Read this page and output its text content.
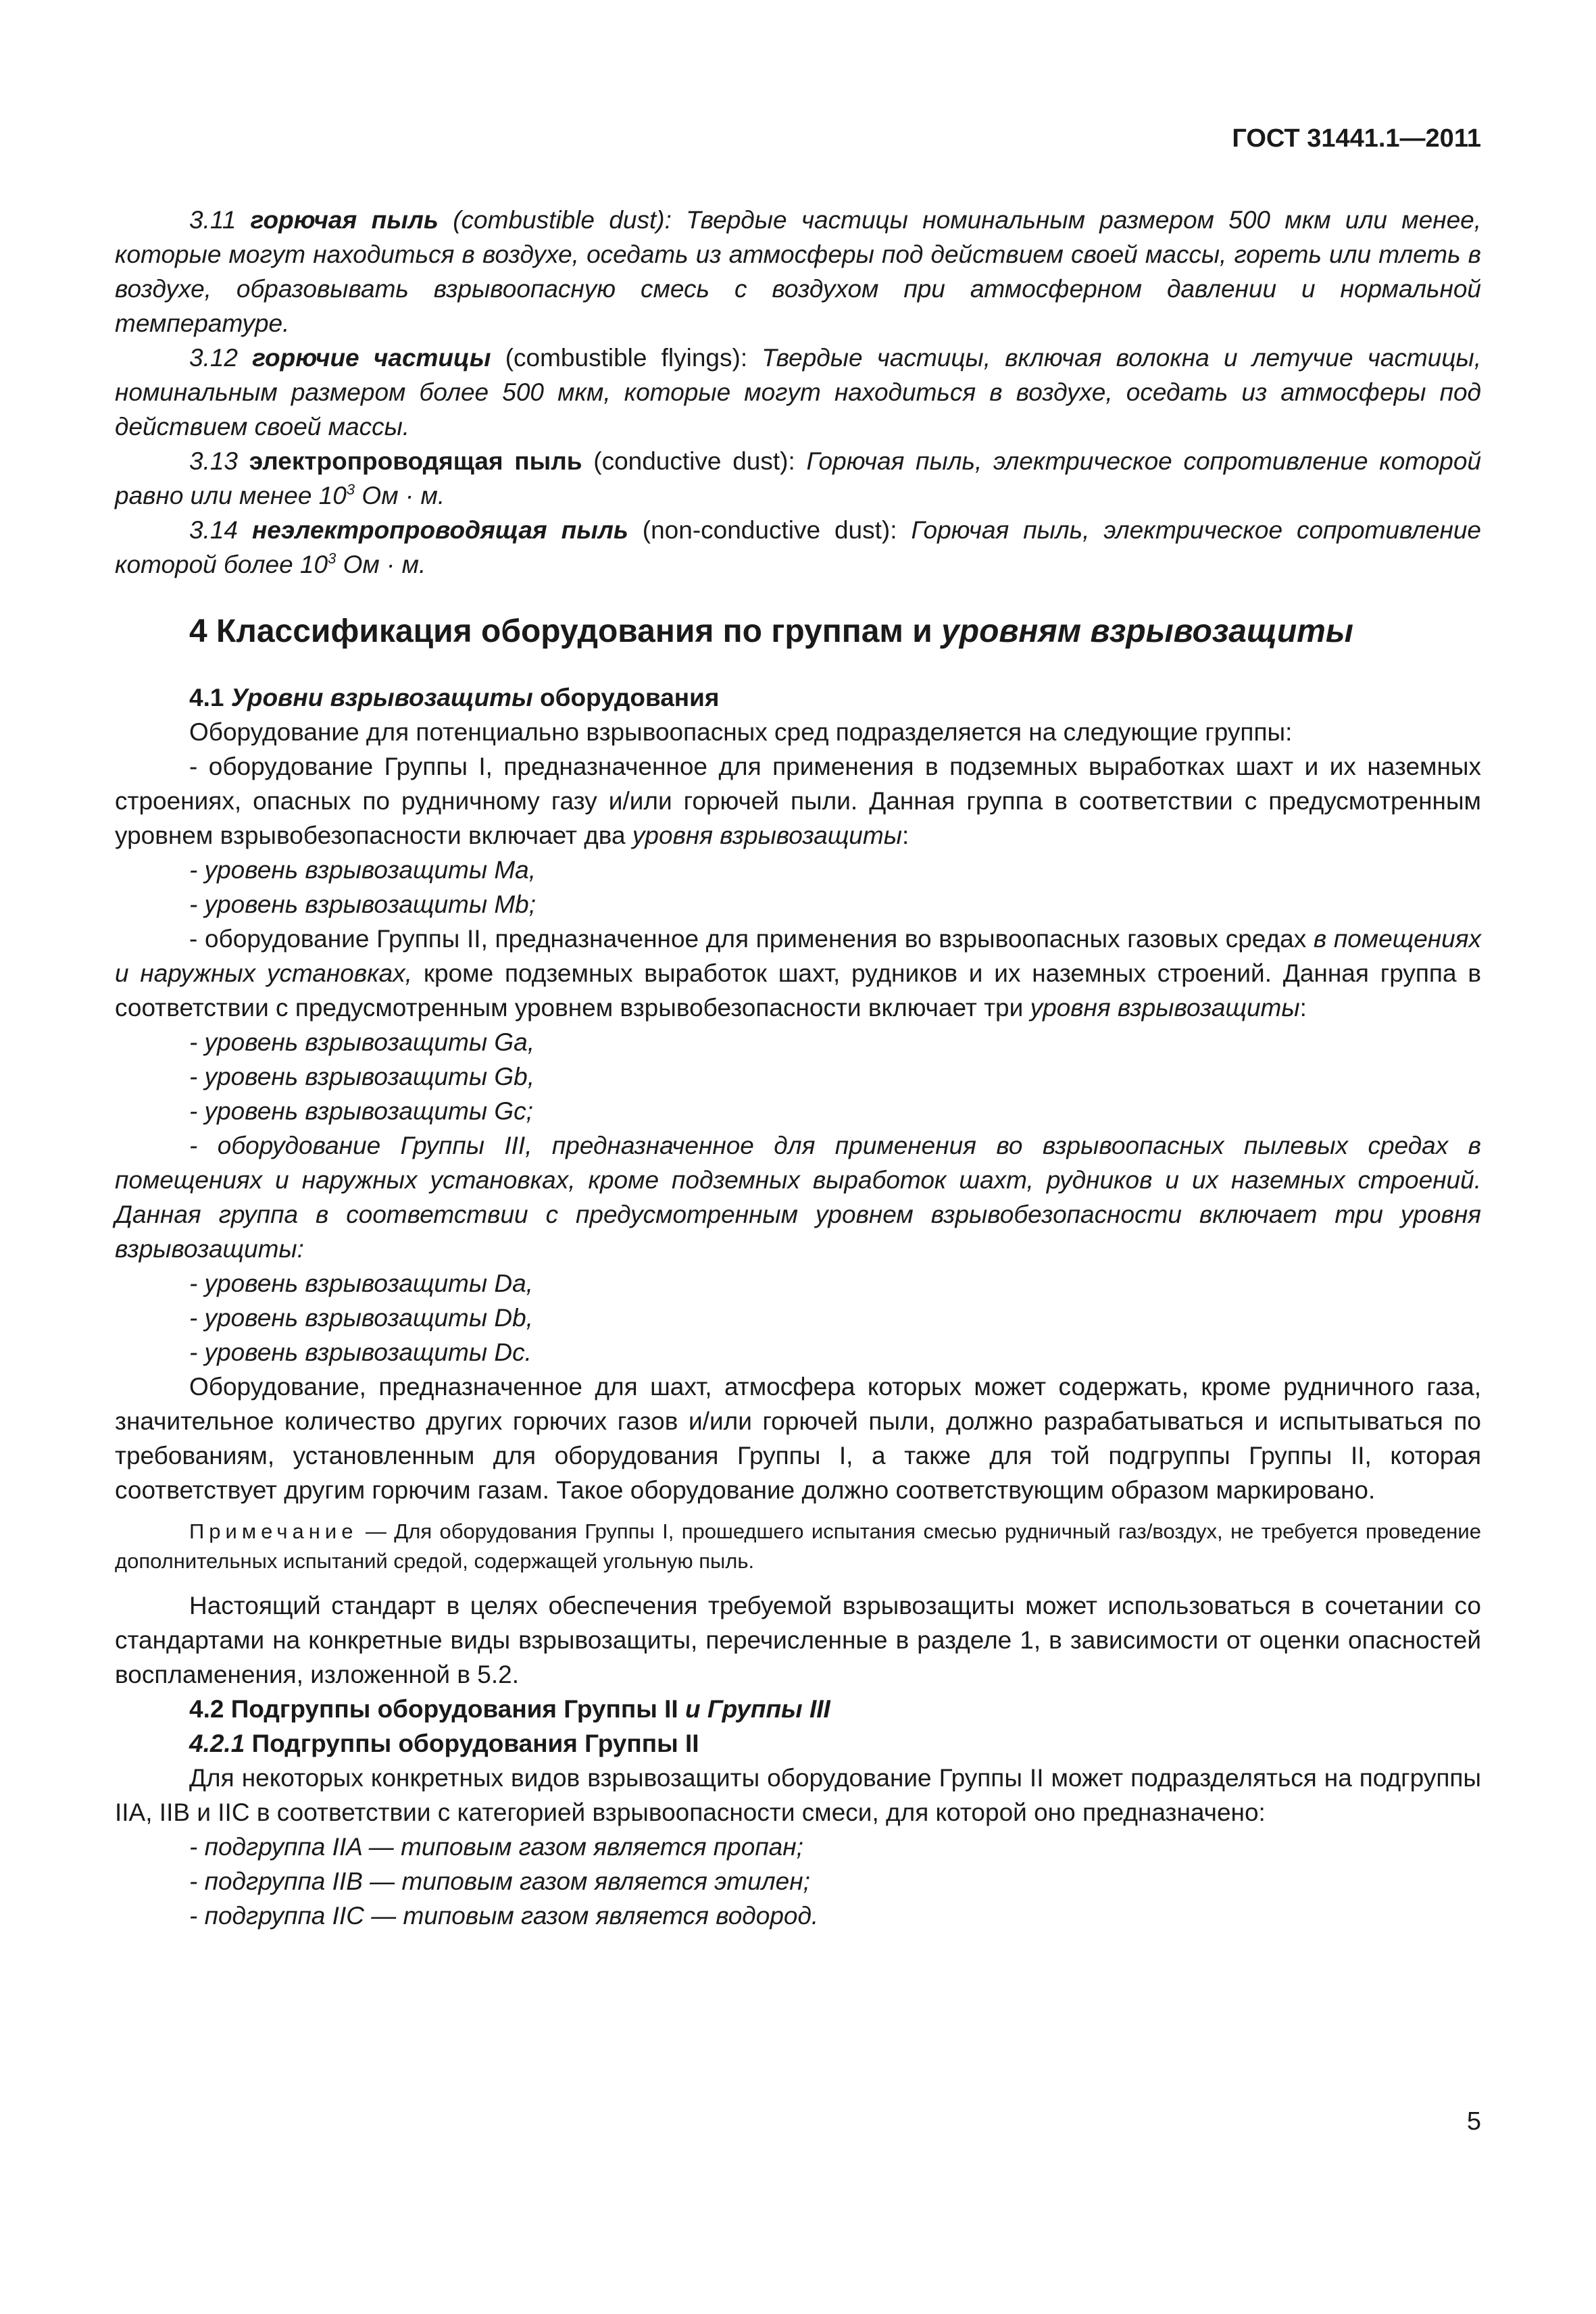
ГОСТ 31441.1—2011

3.11 горючая пыль (combustible dust): Твердые частицы номинальным размером 500 мкм или менее, которые могут находиться в воздухе, оседать из атмосферы под действием своей массы, гореть или тлеть в воздухе, образовывать взрывоопасную смесь с воздухом при атмосферном давлении и нормальной температуре.

3.12 горючие частицы (combustible flyings): Твердые частицы, включая волокна и летучие частицы, номинальным размером более 500 мкм, которые могут находиться в воздухе, оседать из атмосферы под действием своей массы.

3.13 электропроводящая пыль (conductive dust): Горючая пыль, электрическое сопротивление которой равно или менее $10^3$ Ом · м.

3.14 неэлектропроводящая пыль (non-conductive dust): Горючая пыль, электрическое сопротивление которой более $10^3$ Ом · м.

4 Классификация оборудования по группам и уровням взрывозащиты

4.1 Уровни взрывозащиты оборудования

Оборудование для потенциально взрывоопасных сред подразделяется на следующие группы:

- оборудование Группы I, предназначенное для применения в подземных выработках шахт и их наземных строениях, опасных по рудничному газу и/или горючей пыли. Данная группа в соответствии с предусмотренным уровнем взрывобезопасности включает два уровня взрывозащиты:

- уровень взрывозащиты Ma,

- уровень взрывозащиты Mb;

- оборудование Группы II, предназначенное для применения во взрывоопасных газовых средах в помещениях и наружных установках, кроме подземных выработок шахт, рудников и их наземных строений. Данная группа в соответствии с предусмотренным уровнем взрывобезопасности включает три уровня взрывозащиты:

- уровень взрывозащиты Ga,

- уровень взрывозащиты Gb,

- уровень взрывозащиты Gc;

- оборудование Группы III, предназначенное для применения во взрывоопасных пылевых средах в помещениях и наружных установках, кроме подземных выработок шахт, рудников и их наземных строений. Данная группа в соответствии с предусмотренным уровнем взрывобезопасности включает три уровня взрывозащиты:

- уровень взрывозащиты Da,

- уровень взрывозащиты Db,

- уровень взрывозащиты Dc.

Оборудование, предназначенное для шахт, атмосфера которых может содержать, кроме рудничного газа, значительное количество других горючих газов и/или горючей пыли, должно разрабатываться и испытываться по требованиям, установленным для оборудования Группы I, а также для той подгруппы Группы II, которая соответствует другим горючим газам. Такое оборудование должно соответствующим образом маркировано.

Примечание — Для оборудования Группы I, прошедшего испытания смесью рудничный газ/воздух, не требуется проведение дополнительных испытаний средой, содержащей угольную пыль.

Настоящий стандарт в целях обеспечения требуемой взрывозащиты может использоваться в сочетании со стандартами на конкретные виды взрывозащиты, перечисленные в разделе 1, в зависимости от оценки опасностей воспламенения, изложенной в 5.2.

4.2 Подгруппы оборудования Группы II и Группы III

4.2.1 Подгруппы оборудования Группы II

Для некоторых конкретных видов взрывозащиты оборудование Группы II может подразделяться на подгруппы IIA, IIB и IIC в соответствии с категорией взрывоопасности смеси, для которой оно предназначено:

- подгруппа IIA — типовым газом является пропан;

- подгруппа IIB — типовым газом является этилен;

- подгруппа IIC — типовым газом является водород.

5
